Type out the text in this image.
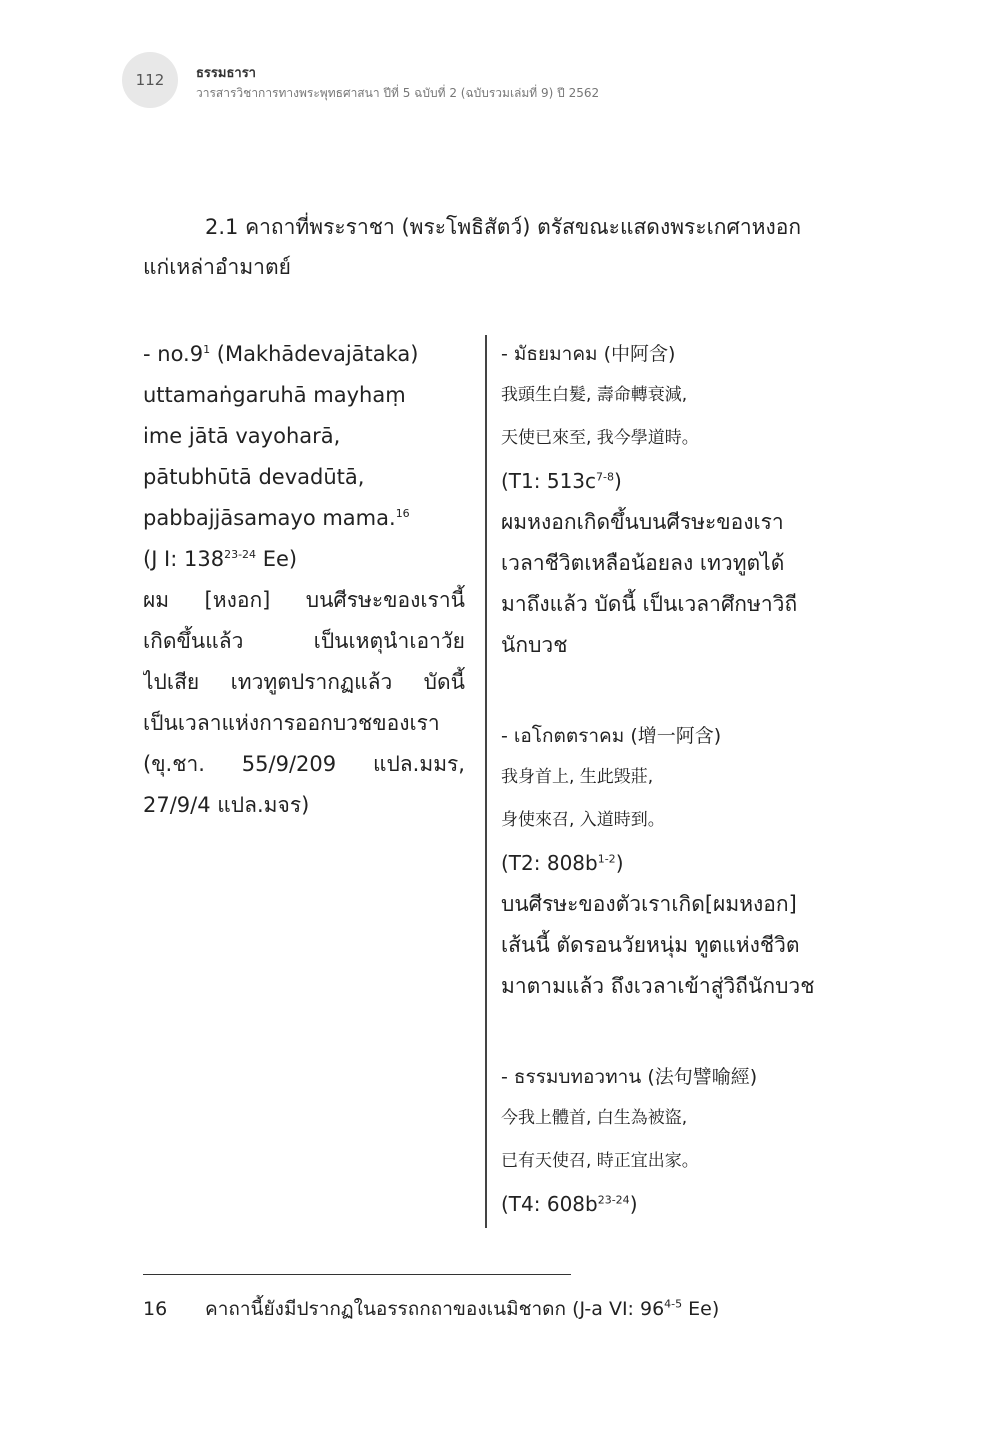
112 ธรรมธารา
วารสารวิชาการทางพระพุทธศาสนา ปีที่ 5 ฉบับที่ 2 (ฉบับรวมเล่มที่ 9) ปี 2562
2.1 คาถาที่พระราชา (พระโพธิสัตว์) ตรัสขณะแสดงพระเกศาหงอก
แก่เหล่าอำมาตย์
- $no.9^1$ (Makhādevajātaka)
uttamaṅgaruhā mayhaṃ
ime jātā vayoharā,
pātubhūtā devadūtā,
pabbajjāsamayo mama.$^{16}$
(J I: 138$^{23-24}$ Ee)
ผม [หงอก] บนศีรษะของเรานี้
เกิดขึ้นแล้ว เป็นเหตุนำเอาวัย
ไปเสีย เทวทูตปรากฏแล้ว บัดนี้
เป็นเวลาแห่งการออกบวชของเรา
(ขุ.ชา. 55/9/209 แปล.มมร,
27/9/4 แปล.มจร)
- มัธยมาคม (中阿含)
我頭生白髮, 壽命轉衰減,
天使已來至, 我今學道時。
(T1: $513c^{7-8}$)
ผมหงอกเกิดขึ้นบนศีรษะของเรา
เวลาชีวิตเหลือน้อยลง เทวทูตได้
มาถึงแล้ว บัดนี้ เป็นเวลาศึกษาวิถี
นักบวช
- เอโกตตราคม (增一阿含)
我身首上, 生此毁莊,
身使來召, 入道時到。
(T2: $808b^{1-2}$)
บนศีรษะของตัวเราเกิด[ผมหงอก]
เส้นนี้ ตัดรอนวัยหนุ่ม ทูตแห่งชีวิต
มาตามแล้ว ถึงเวลาเข้าสู่วิถีนักบวช
- ธรรมบทอวทาน (法句譬喻經)
今我上體首, 白生為被盜,
已有天使召, 時正宜出家。
(T4: $608b^{23-24}$)
16 คาถานี้ยังมีปรากฏในอรรถกถาของเนมิชาดก (J-a VI: 96$^{4-5}$ Ee)
